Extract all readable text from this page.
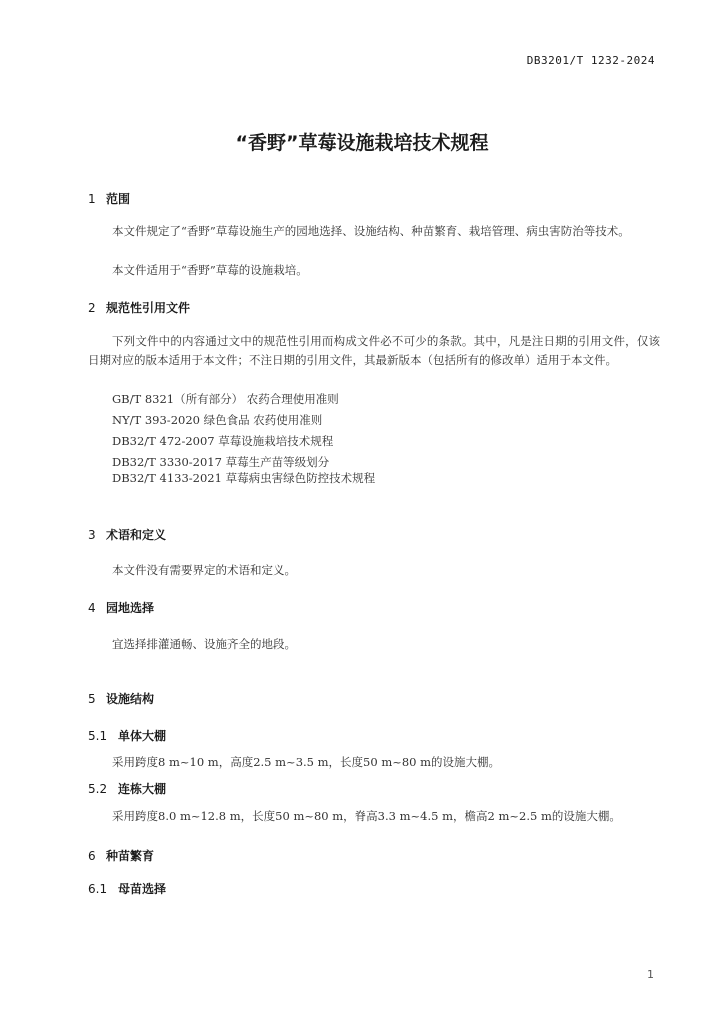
DB3201/T 1232-2024
“香野”草莓设施栽培技术规程
1 范围
本文件规定了“香野”草莓设施生产的园地选择、设施结构、种苗繁育、栽培管理、病虫害防治等技术。
本文件适用于“香野”草莓的设施栽培。
2 规范性引用文件
下列文件中的内容通过文中的规范性引用而构成文件必不可少的条款。其中，凡是注日期的引用文件，仅该日期对应的版本适用于本文件；不注日期的引用文件，其最新版本（包括所有的修改单）适用于本文件。
GB/T 8321（所有部分） 农药合理使用准则
NY/T 393-2020 绿色食品 农药使用准则
DB32/T 472-2007 草莓设施栽培技术规程
DB32/T 3330-2017 草莓生产苗等级划分
DB32/T 4133-2021 草莓病虫害绿色防控技术规程
3 术语和定义
本文件没有需要界定的术语和定义。
4 园地选择
宜选择排灌通畅、设施齐全的地段。
5 设施结构
5.1 单体大棚
采用跨度8 m~10 m，高度2.5 m~3.5 m，长度50 m~80 m的设施大棚。
5.2 连栋大棚
采用跨度8.0 m~12.8 m，长度50 m~80 m，脊高3.3 m~4.5 m，檐高2 m~2.5 m的设施大棚。
6 种苗繁育
6.1 母苗选择
1
